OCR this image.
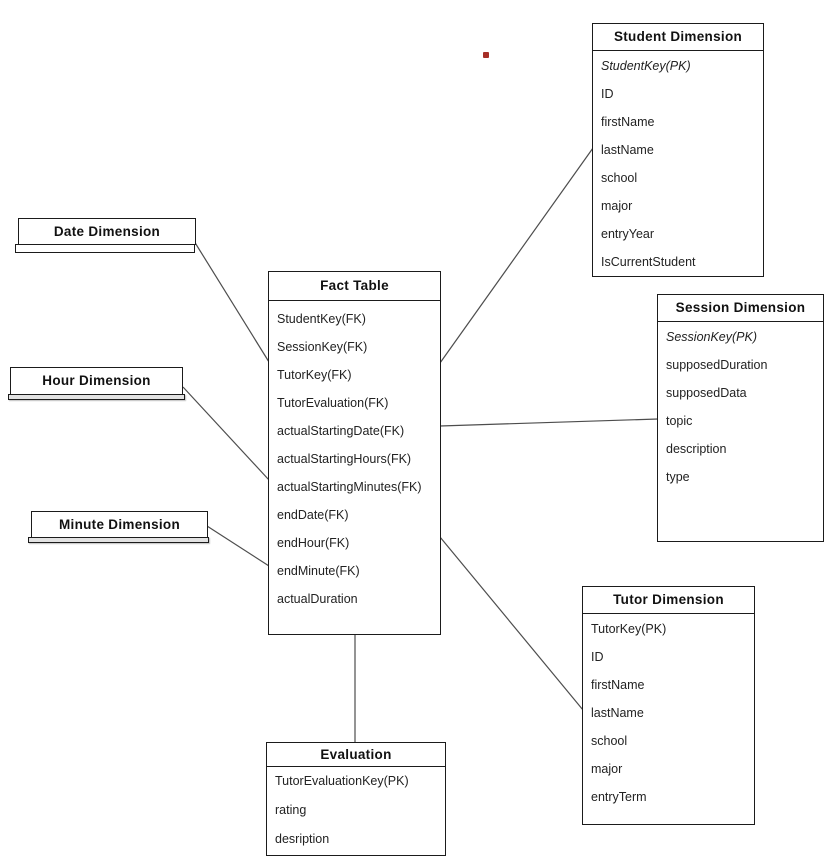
Date Dimension
Hour Dimension
Minute Dimension
Fact Table
StudentKey(FK)
SessionKey(FK)
TutorKey(FK)
TutorEvaluation(FK)
actualStartingDate(FK)
actualStartingHours(FK)
actualStartingMinutes(FK)
endDate(FK)
endHour(FK)
endMinute(FK)
actualDuration
Student Dimension
StudentKey(PK)
ID
firstName
lastName
school
major
entryYear
IsCurrentStudent
Session Dimension
SessionKey(PK)
supposedDuration
supposedData
topic
description
type
Tutor Dimension
TutorKey(PK)
ID
firstName
lastName
school
major
entryTerm
Evaluation
TutorEvaluationKey(PK)
rating
desription
